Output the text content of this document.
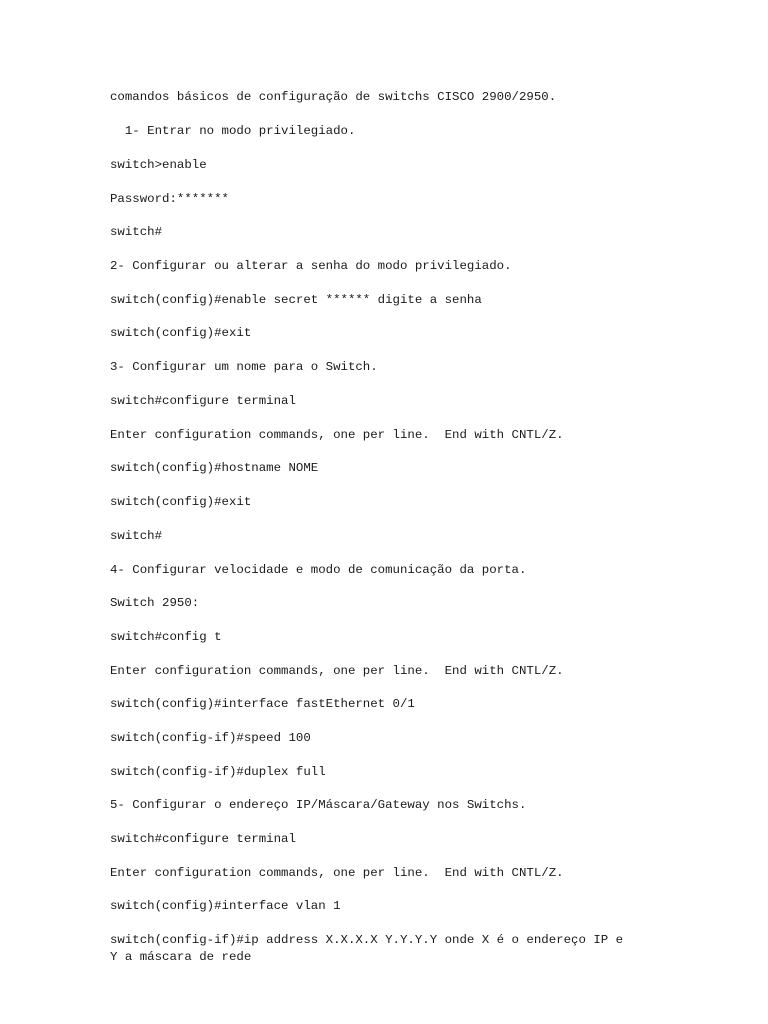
comandos básicos de configuração de switchs CISCO 2900/2950.

1- Entrar no modo privilegiado.

switch>enable

Password:*******

switch#

2- Configurar ou alterar a senha do modo privilegiado.

switch(config)#enable secret ****** digite a senha

switch(config)#exit

3- Configurar um nome para o Switch.

switch#configure terminal

Enter configuration commands, one per line.  End with CNTL/Z.

switch(config)#hostname NOME

switch(config)#exit

switch#

4- Configurar velocidade e modo de comunicação da porta.

Switch 2950:

switch#config t

Enter configuration commands, one per line.  End with CNTL/Z.

switch(config)#interface fastEthernet 0/1

switch(config-if)#speed 100

switch(config-if)#duplex full

5- Configurar o endereço IP/Máscara/Gateway nos Switchs.

switch#configure terminal

Enter configuration commands, one per line.  End with CNTL/Z.

switch(config)#interface vlan 1

switch(config-if)#ip address X.X.X.X Y.Y.Y.Y onde X é o endereço IP e
Y a máscara de rede
